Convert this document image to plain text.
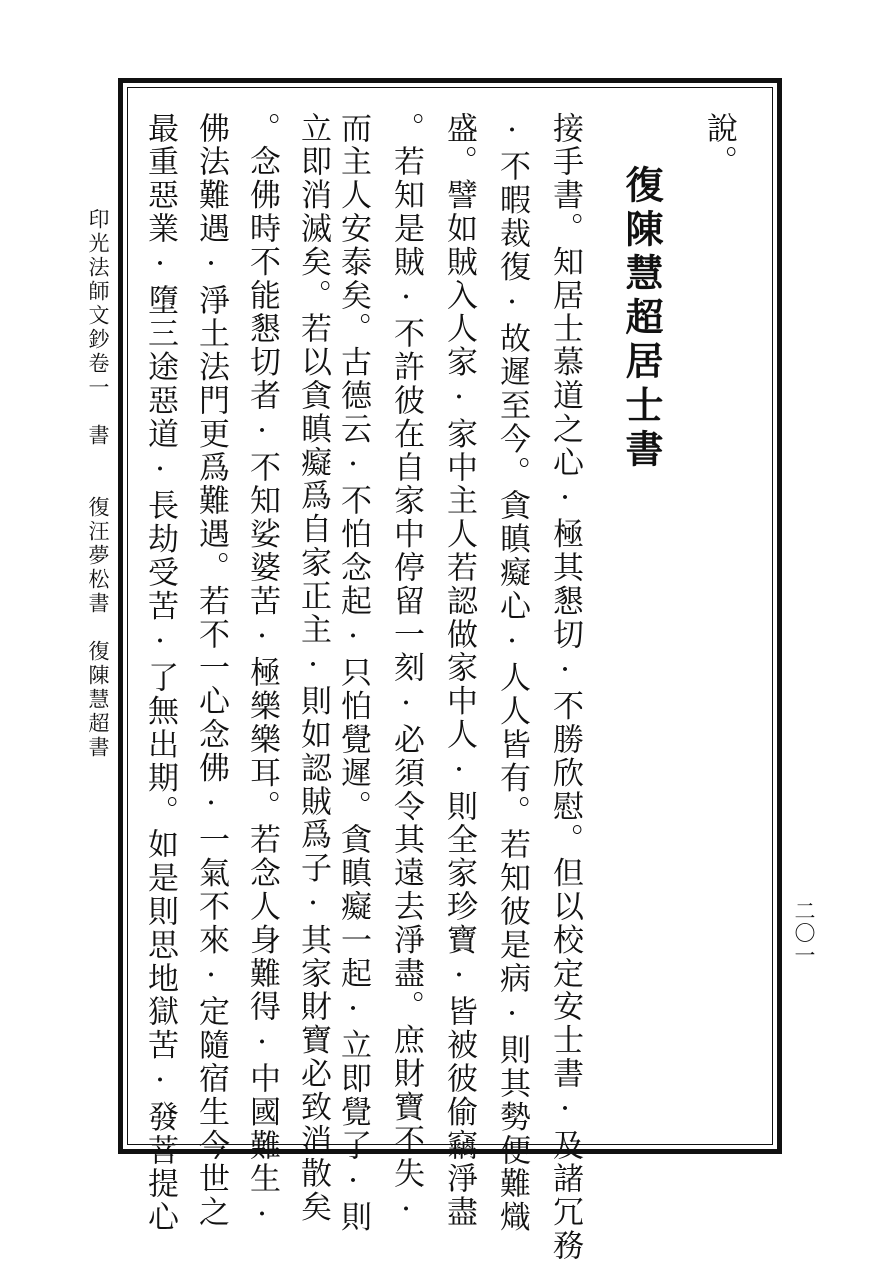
二〇一
說。
復陳慧超居士書
接手書。知居士慕道之心·極其懇切·不勝欣慰。但以校定安士書·及諸冗務
·不暇裁復·故遲至今。貪瞋癡心·人人皆有。若知彼是病·則其勢便難熾
盛。譬如賊入人家·家中主人若認做家中人·則全家珍寶·皆被彼偷竊淨盡
。若知是賊·不許彼在自家中停留一刻·必須令其遠去淨盡。庶財寶不失·
而主人安泰矣。古德云·不怕念起·只怕覺遲。貪瞋癡一起·立即覺了·則
立即消滅矣。若以貪瞋癡爲自家正主·則如認賊爲子·其家財寶必致消散矣
。念佛時不能懇切者·不知娑婆苦·極樂樂耳。若念人身難得·中國難生·
佛法難遇·淨土法門更爲難遇。若不一心念佛·一氣不來·定隨宿生今世之
最重惡業·墮三途惡道·長劫受苦·了無出期。如是則思地獄苦·發菩提心
印光法師文鈔卷一　書　　復汪夢松書　復陳慧超書
